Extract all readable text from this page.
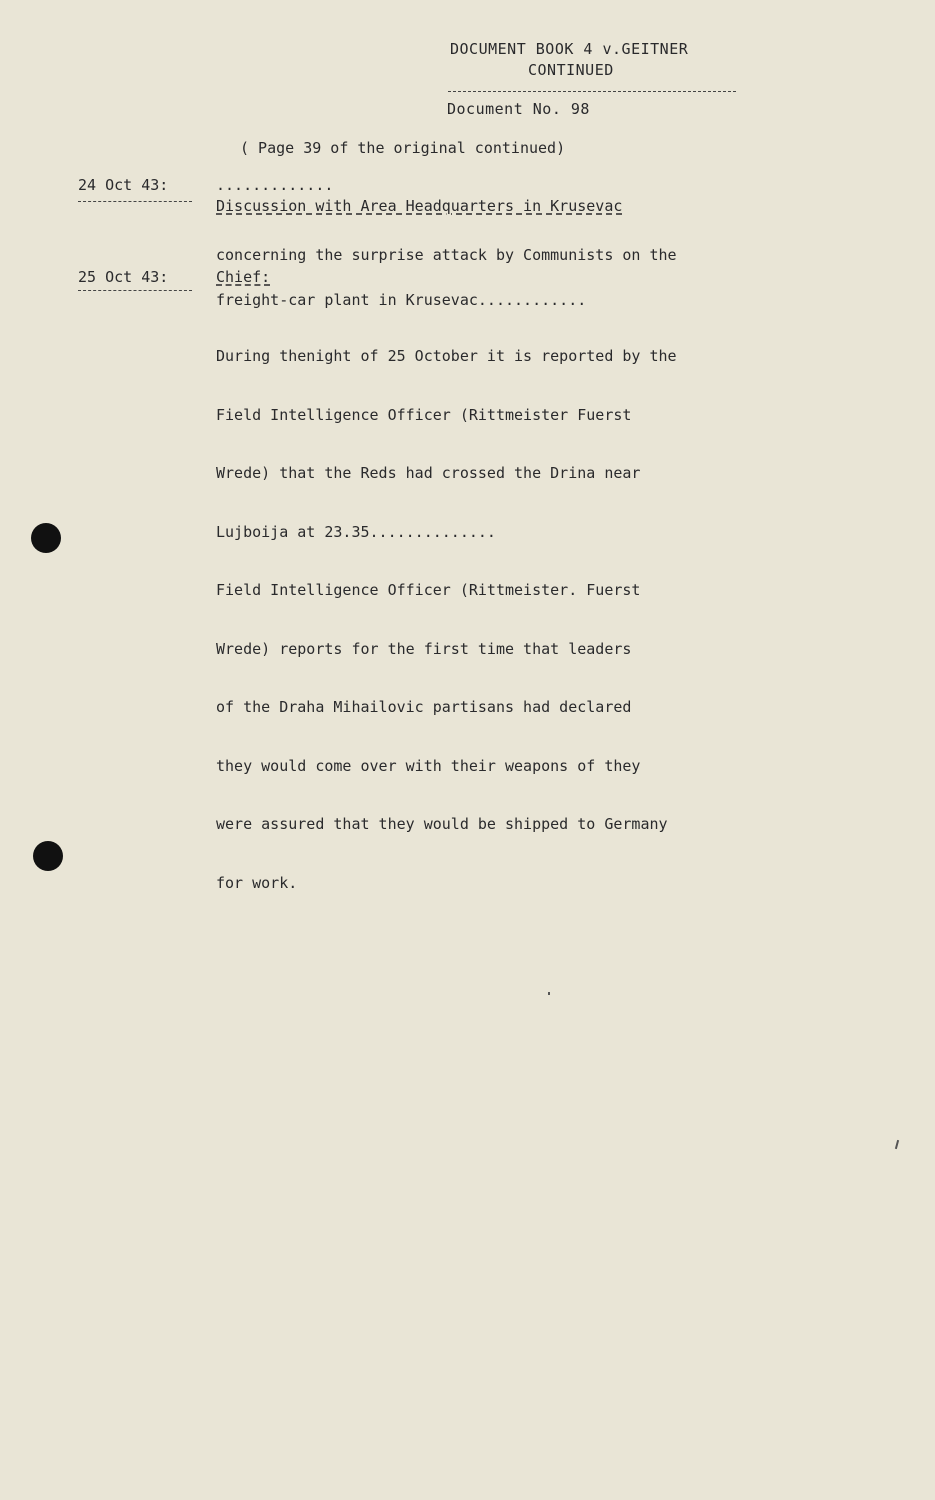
DOCUMENT BOOK 4 v.GEITNER
CONTINUED
Document No. 98
( Page 39 of the original continued)
24 Oct 43:	.............
Discussion with Area Headquarters in Krusevac

concerning the surprise attack by Communists on the

freight-car plant in Krusevac............

25 Oct 43:	Chief:

During thenight of 25 October it is reported by the

Field Intelligence Officer (Rittmeister Fuerst

Wrede) that the Reds had crossed the Drina near

Lujboija at 23.35..............

Field Intelligence Officer (Rittmeister. Fuerst

Wrede) reports for the first time that leaders

of the Draha Mihailovic partisans had declared

they would come over with their weapons of they

were assured that they would be shipped to Germany

for work.
